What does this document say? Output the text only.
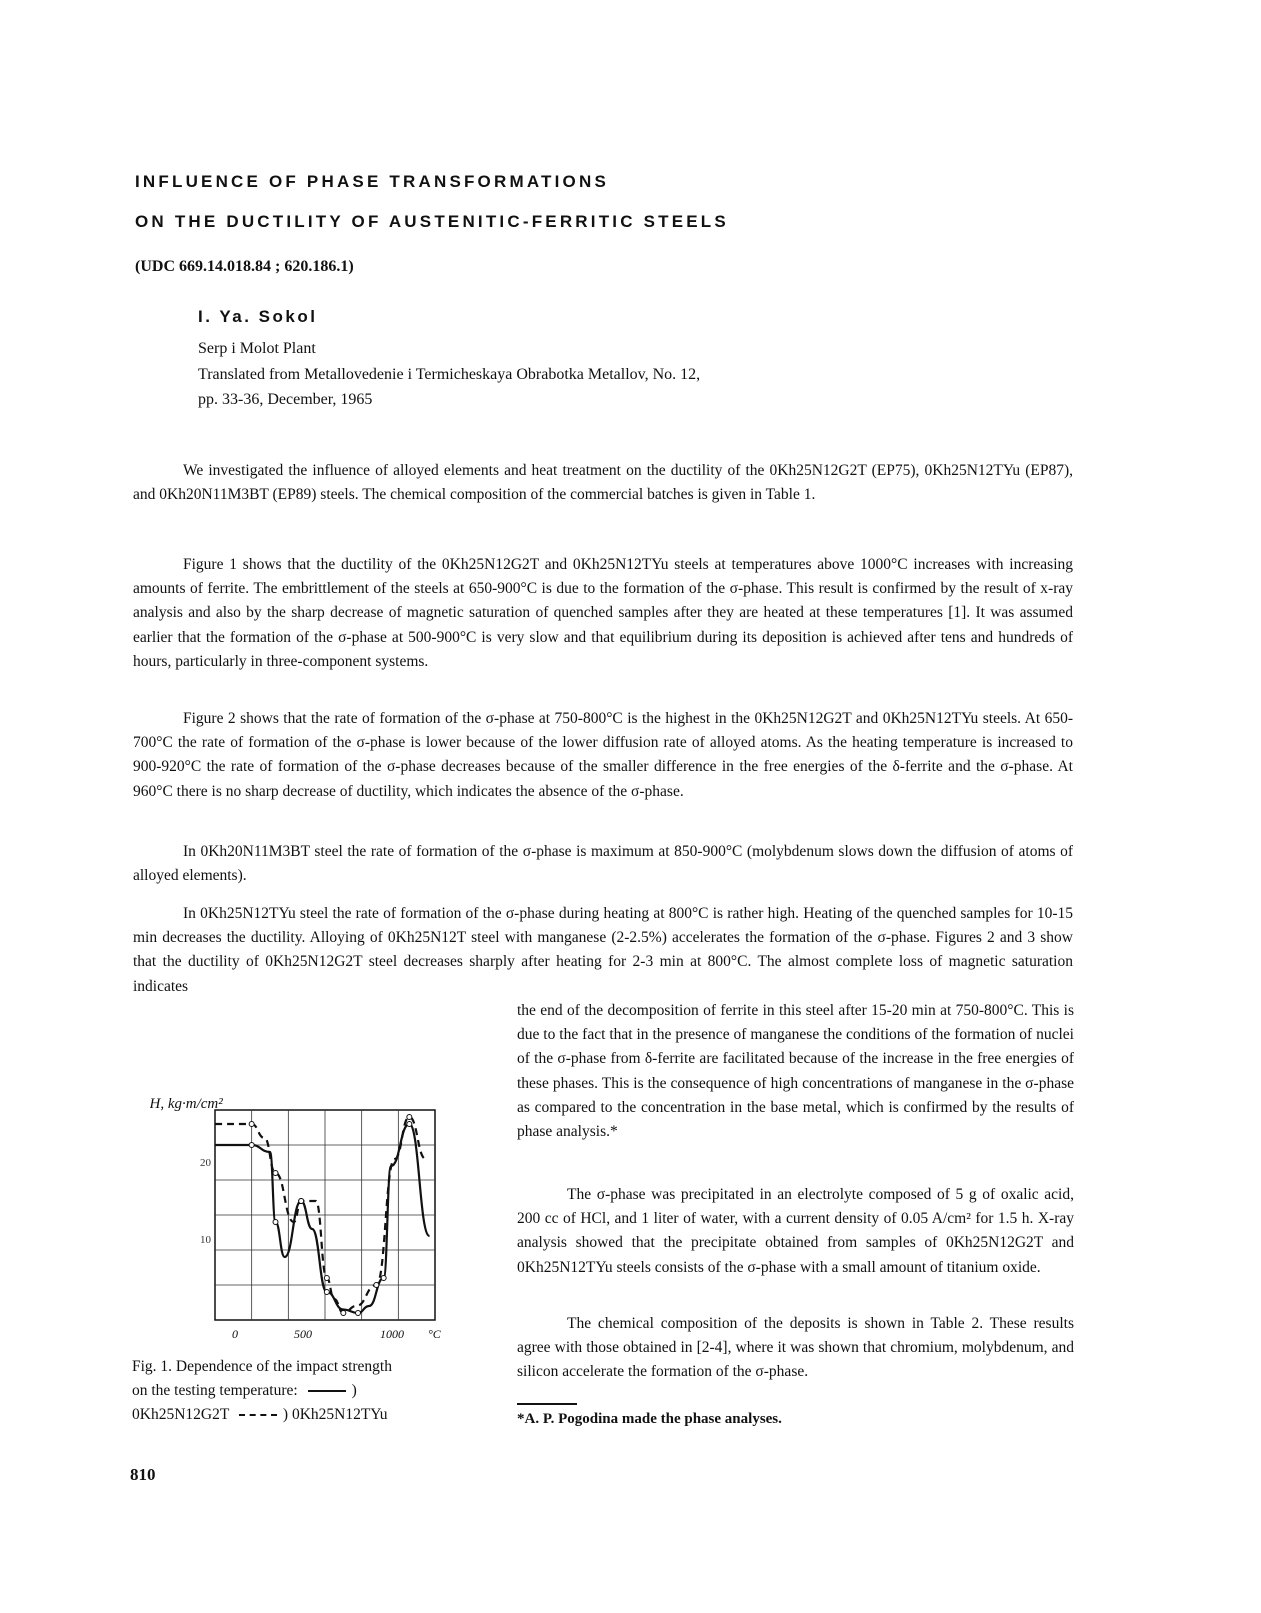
INFLUENCE OF PHASE TRANSFORMATIONS
ON THE DUCTILITY OF AUSTENITIC-FERRITIC STEELS
(UDC 669.14.018.84 ; 620.186.1)
I. Ya. Sokol
Serp i Molot Plant
Translated from Metallovedenie i Termicheskaya Obrabotka Metallov, No. 12,
pp. 33-36, December, 1965
We investigated the influence of alloyed elements and heat treatment on the ductility of the 0Kh25N12G2T (EP75), 0Kh25N12TYu (EP87), and 0Kh20N11M3BT (EP89) steels. The chemical composition of the commercial batches is given in Table 1.
Figure 1 shows that the ductility of the 0Kh25N12G2T and 0Kh25N12TYu steels at temperatures above 1000°C increases with increasing amounts of ferrite. The embrittlement of the steels at 650-900°C is due to the formation of the σ-phase. This result is confirmed by the result of x-ray analysis and also by the sharp decrease of magnetic saturation of quenched samples after they are heated at these temperatures [1]. It was assumed earlier that the formation of the σ-phase at 500-900°C is very slow and that equilibrium during its deposition is achieved after tens and hundreds of hours, particularly in three-component systems.
Figure 2 shows that the rate of formation of the σ-phase at 750-800°C is the highest in the 0Kh25N12G2T and 0Kh25N12TYu steels. At 650-700°C the rate of formation of the σ-phase is lower because of the lower diffusion rate of alloyed atoms. As the heating temperature is increased to 900-920°C the rate of formation of the σ-phase decreases because of the smaller difference in the free energies of the δ-ferrite and the σ-phase. At 960°C there is no sharp decrease of ductility, which indicates the absence of the σ-phase.
In 0Kh20N11M3BT steel the rate of formation of the σ-phase is maximum at 850-900°C (molybdenum slows down the diffusion of atoms of alloyed elements).
In 0Kh25N12TYu steel the rate of formation of the σ-phase during heating at 800°C is rather high. Heating of the quenched samples for 10-15 min decreases the ductility. Alloying of 0Kh25N12T steel with manganese (2-2.5%) accelerates the formation of the σ-phase. Figures 2 and 3 show that the ductility of 0Kh25N12G2T steel decreases sharply after heating for 2-3 min at 800°C. The almost complete loss of magnetic saturation indicates
the end of the decomposition of ferrite in this steel after 15-20 min at 750-800°C. This is due to the fact that in the presence of manganese the conditions of the formation of nuclei of the σ-phase from δ-ferrite are facilitated because of the increase in the free energies of these phases. This is the consequence of high concentrations of manganese in the σ-phase as compared to the concentration in the base metal, which is confirmed by the results of phase analysis.*
The σ-phase was precipitated in an electrolyte composed of 5 g of oxalic acid, 200 cc of HCl, and 1 liter of water, with a current density of 0.05 A/cm² for 1.5 h. X-ray analysis showed that the precipitate obtained from samples of 0Kh25N12G2T and 0Kh25N12TYu steels consists of the σ-phase with a small amount of titanium oxide.
The chemical composition of the deposits is shown in Table 2. These results agree with those obtained in [2-4], where it was shown that chromium, molybdenum, and silicon accelerate the formation of the σ-phase.
*A. P. Pogodina made the phase analyses.
aH, kg·m/cm²
20
10
0	500	1000 °C
Fig. 1. Dependence of the impact strength
on the testing temperature:	)
0Kh25N12G2T	) 0Kh25N12TYu
810
